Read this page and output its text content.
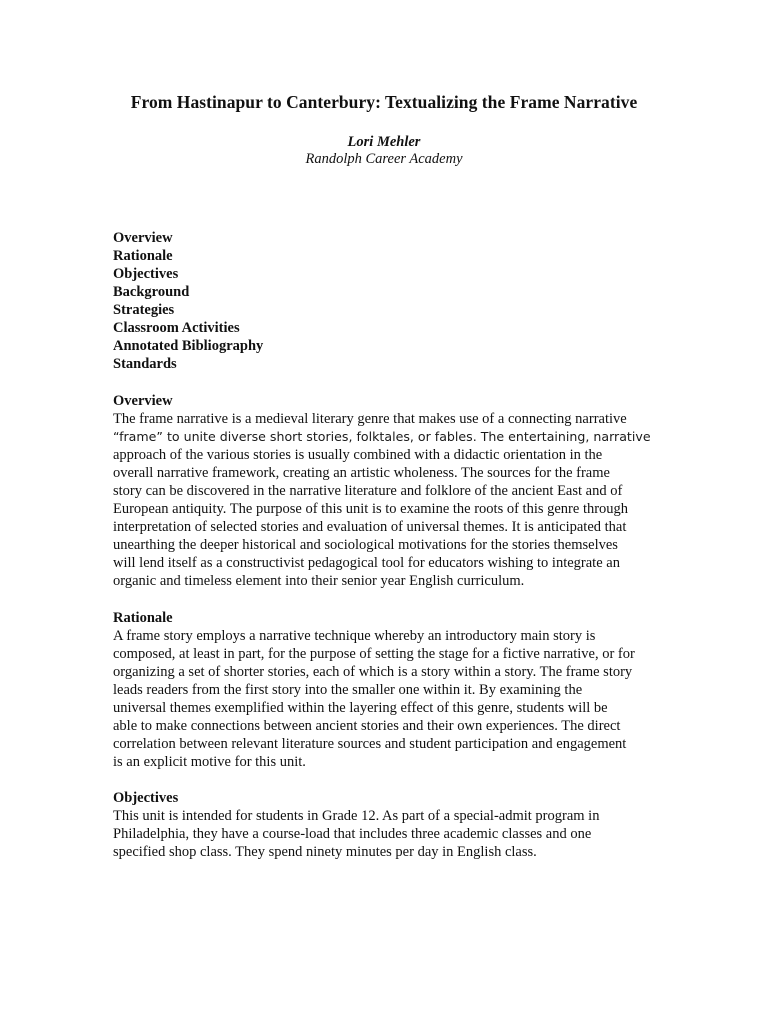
From Hastinapur to Canterbury: Textualizing the Frame Narrative
Lori Mehler
Randolph Career Academy
Overview
Rationale
Objectives
Background
Strategies
Classroom Activities
Annotated Bibliography
Standards
Overview
The frame narrative is a medieval literary genre that makes use of a connecting narrative
“frame” to unite diverse short stories, folktales, or fables. The entertaining, narrative
approach of the various stories is usually combined with a didactic orientation in the
overall narrative framework, creating an artistic wholeness. The sources for the frame
story can be discovered in the narrative literature and folklore of the ancient East and of
European antiquity. The purpose of this unit is to examine the roots of this genre through
interpretation of selected stories and evaluation of universal themes. It is anticipated that
unearthing the deeper historical and sociological motivations for the stories themselves
will lend itself as a constructivist pedagogical tool for educators wishing to integrate an
organic and timeless element into their senior year English curriculum.
Rationale
A frame story employs a narrative technique whereby an introductory main story is
composed, at least in part, for the purpose of setting the stage for a fictive narrative, or for
organizing a set of shorter stories, each of which is a story within a story. The frame story
leads readers from the first story into the smaller one within it. By examining the
universal themes exemplified within the layering effect of this genre, students will be
able to make connections between ancient stories and their own experiences. The direct
correlation between relevant literature sources and student participation and engagement
is an explicit motive for this unit.
Objectives
This unit is intended for students in Grade 12. As part of a special-admit program in
Philadelphia, they have a course-load that includes three academic classes and one
specified shop class. They spend ninety minutes per day in English class.
